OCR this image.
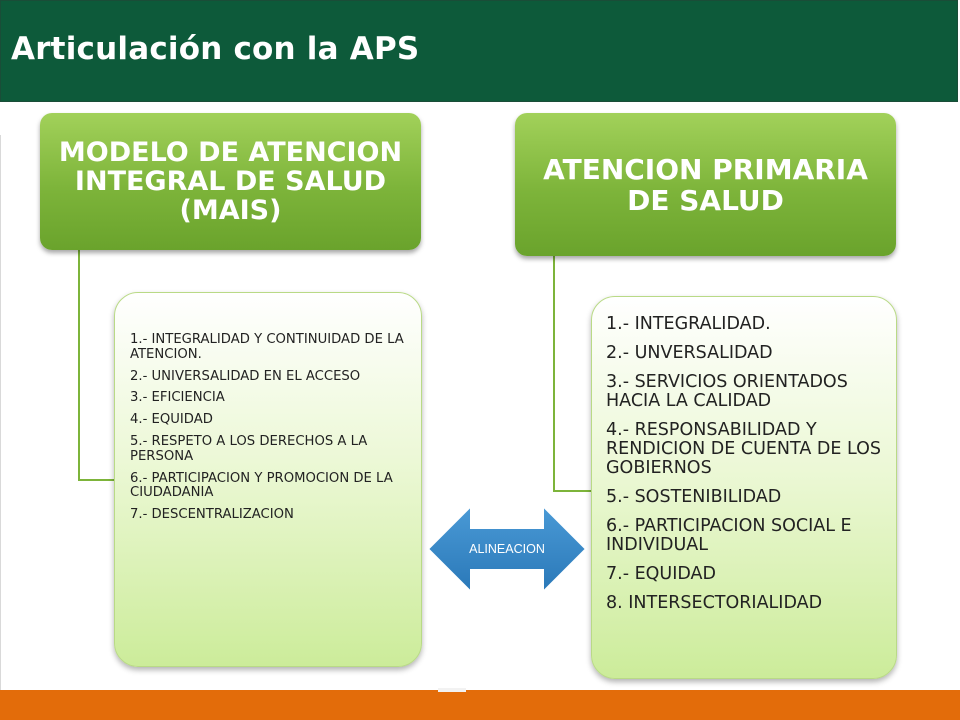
Articulación con la APS
MODELO DE ATENCION INTEGRAL DE SALUD (MAIS)
1.- INTEGRALIDAD Y CONTINUIDAD DE LA ATENCION.
2.- UNIVERSALIDAD EN EL ACCESO
3.- EFICIENCIA
4.- EQUIDAD
5.- RESPETO A LOS DERECHOS A LA PERSONA
6.- PARTICIPACION Y PROMOCION DE LA CIUDADANIA
7.- DESCENTRALIZACION
ATENCION PRIMARIA DE SALUD
1.- INTEGRALIDAD.
2.- UNVERSALIDAD
3.- SERVICIOS ORIENTADOS HACIA LA CALIDAD
4.- RESPONSABILIDAD Y RENDICION DE CUENTA DE LOS GOBIERNOS
5.- SOSTENIBILIDAD
6.- PARTICIPACION SOCIAL E INDIVIDUAL
7.- EQUIDAD
8. INTERSECTORIALIDAD
ALINEACION
